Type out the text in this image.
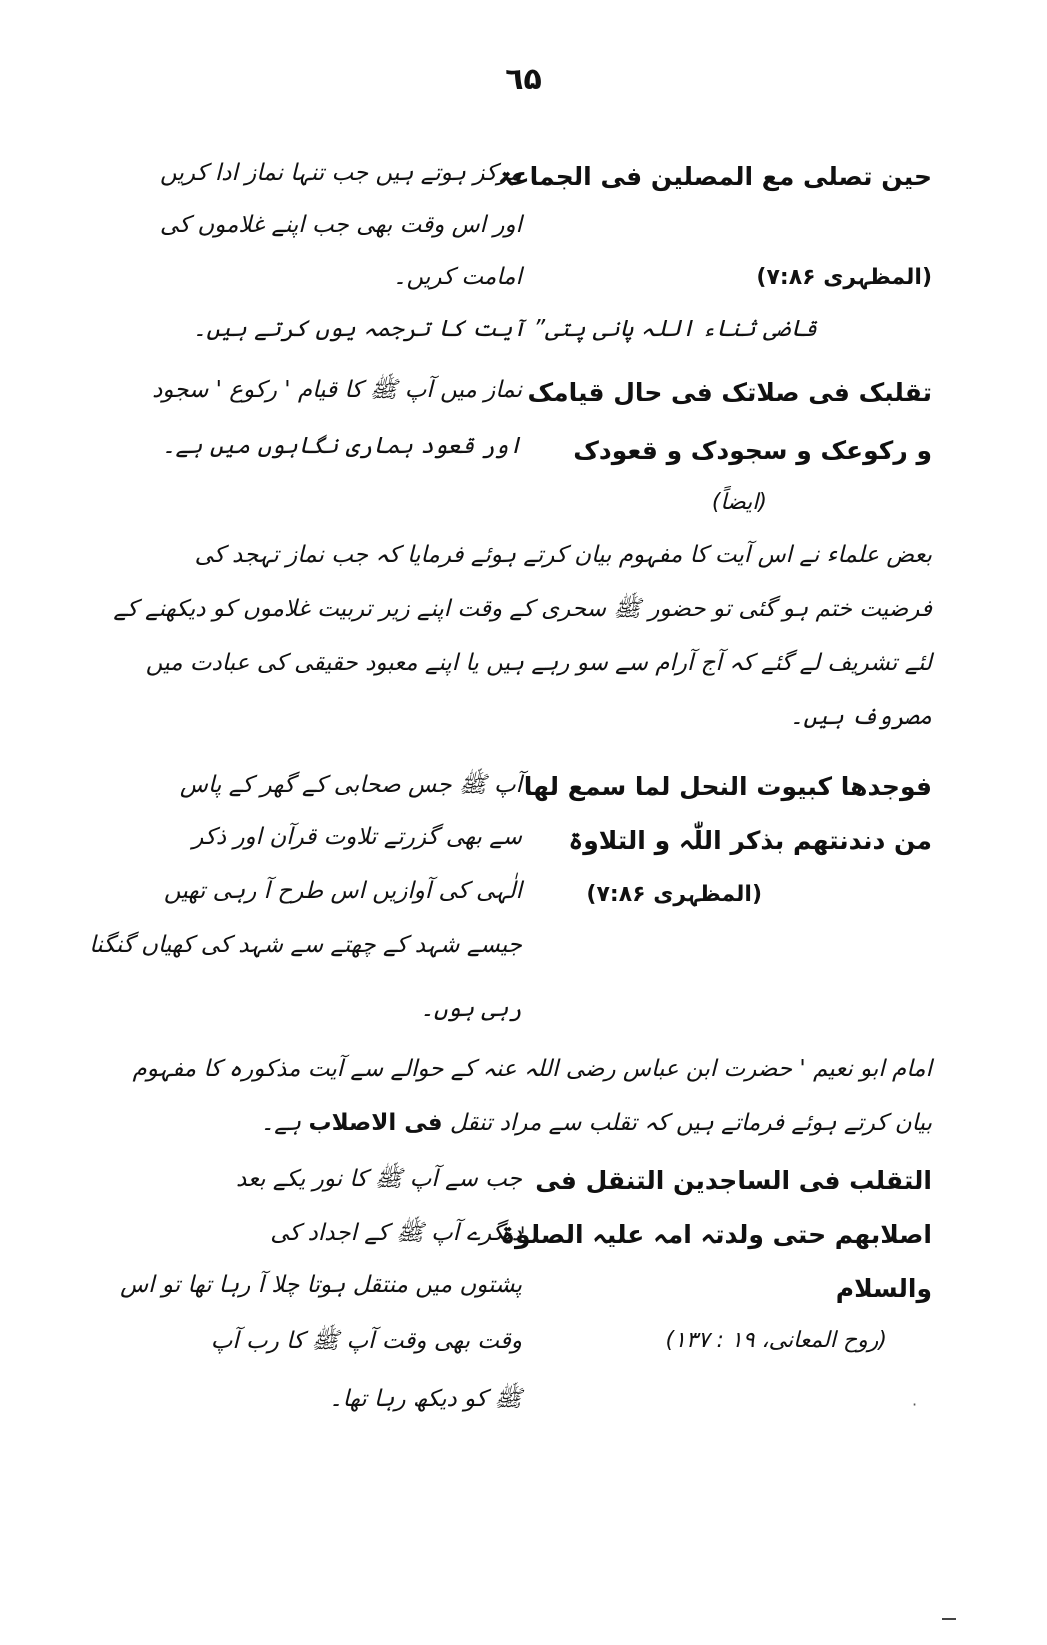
٦۵
حین تصلی مع المصلین فی الجماعۃ
مرکز ہوتے ہیں جب تنہا نماز ادا کریں
اور اس وقت بھی جب اپنے غلاموں کی
امامت کریں۔	(المظہری ۷:۸۶)
قاضی ثناء اللہ پانی پتی” آیت کا ترجمہ یوں کرتے ہیں۔
تقلبک فی صلاتک فی حال قیامک
و رکوعک و سجودک و قعودک
نماز میں آپ ﷺ کا قیام ' رکوع ' سجود
اور قعود ہماری نگاہوں میں ہے۔
(ایضاً)
بعض علماء نے اس آیت کا مفہوم بیان کرتے ہوئے فرمایا کہ جب نماز تہجد کی
فرضیت ختم ہو گئی تو حضور ﷺ سحری کے وقت اپنے زیر تربیت غلاموں کو دیکھنے کے
لئے تشریف لے گئے کہ آج آرام سے سو رہے ہیں یا اپنے معبود حقیقی کی عبادت میں
مصروف ہیں۔
فوجدھا کبیوت النحل لما سمع لھا
من دندنتھم بذکر اللّٰہ و التلاوۃ
(المظہری ۷:۸۶)
آپ ﷺ جس صحابی کے گھر کے پاس
سے بھی گزرتے تلاوت قرآن اور ذکر
الٰہی کی آوازیں اس طرح آ رہی تھیں
جیسے شہد کے چھتے سے شہد کی کھیاں گنگنا
رہی ہوں۔
امام ابو نعیم ' حضرت ابن عباس رضی اللہ عنہ کے حوالے سے آیت مذکورہ کا مفہوم
بیان کرتے ہوئے فرماتے ہیں کہ تقلب سے مراد تنقل فی الاصلاب ہے۔
التقلب فی الساجدین التنقل فی
اصلابھم حتی ولدتہ امہ علیہ الصلوٰۃ
والسلام
(روح المعانی، ۱۹ : ۱۳۷)
جب سے آپ ﷺ کا نور یکے بعد
دیگرے آپ ﷺ کے اجداد کی
پشتوں میں منتقل ہوتا چلا آ رہا تھا تو اس
وقت بھی وقت آپ ﷺ کا رب آپ
ﷺ کو دیکھ رہا تھا۔	·
